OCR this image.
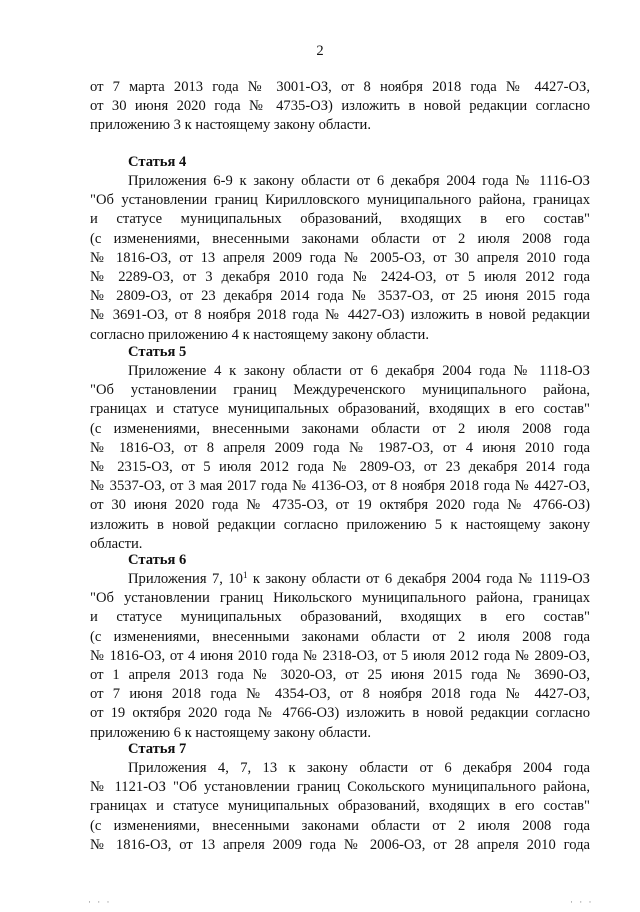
2
от 7 марта 2013 года № 3001-ОЗ, от 8 ноября 2018 года № 4427-ОЗ,
от 30 июня 2020 года № 4735-ОЗ) изложить в новой редакции согласно
приложению 3 к настоящему закону области.
Статья 4
Приложения 6-9 к закону области от 6 декабря 2004 года № 1116-ОЗ
"Об установлении границ Кирилловского муниципального района, границах
и статусе муниципальных образований, входящих в его состав"
(с изменениями, внесенными законами области от 2 июля 2008 года
№ 1816-ОЗ, от 13 апреля 2009 года № 2005-ОЗ, от 30 апреля 2010 года
№ 2289-ОЗ, от 3 декабря 2010 года № 2424-ОЗ, от 5 июля 2012 года
№ 2809-ОЗ, от 23 декабря 2014 года № 3537-ОЗ, от 25 июня 2015 года
№ 3691-ОЗ, от 8 ноября 2018 года № 4427-ОЗ) изложить в новой редакции
согласно приложению 4 к настоящему закону области.
Статья 5
Приложение 4 к закону области от 6 декабря 2004 года № 1118-ОЗ
"Об установлении границ Междуреченского муниципального района,
границах и статусе муниципальных образований, входящих в его состав"
(с изменениями, внесенными законами области от 2 июля 2008 года
№ 1816-ОЗ, от 8 апреля 2009 года № 1987-ОЗ, от 4 июня 2010 года
№ 2315-ОЗ, от 5 июля 2012 года № 2809-ОЗ, от 23 декабря 2014 года
№ 3537-ОЗ, от 3 мая 2017 года № 4136-ОЗ, от 8 ноября 2018 года № 4427-ОЗ,
от 30 июня 2020 года № 4735-ОЗ, от 19 октября 2020 года № 4766-ОЗ)
изложить в новой редакции согласно приложению 5 к настоящему закону
области.
Статья 6
Приложения 7, $10^1$ к закону области от 6 декабря 2004 года № 1119-ОЗ
"Об установлении границ Никольского муниципального района, границах
и статусе муниципальных образований, входящих в его состав"
(с изменениями, внесенными законами области от 2 июля 2008 года
№ 1816-ОЗ, от 4 июня 2010 года № 2318-ОЗ, от 5 июля 2012 года № 2809-ОЗ,
от 1 апреля 2013 года № 3020-ОЗ, от 25 июня 2015 года № 3690-ОЗ,
от 7 июня 2018 года № 4354-ОЗ, от 8 ноября 2018 года № 4427-ОЗ,
от 19 октября 2020 года № 4766-ОЗ) изложить в новой редакции согласно
приложению 6 к настоящему закону области.
Статья 7
Приложения 4, 7, 13 к закону области от 6 декабря 2004 года
№ 1121-ОЗ "Об установлении границ Сокольского муниципального района,
границах и статусе муниципальных образований, входящих в его состав"
(с изменениями, внесенными законами области от 2 июля 2008 года
№ 1816-ОЗ, от 13 апреля 2009 года № 2006-ОЗ, от 28 апреля 2010 года
· · ·	· · ·
